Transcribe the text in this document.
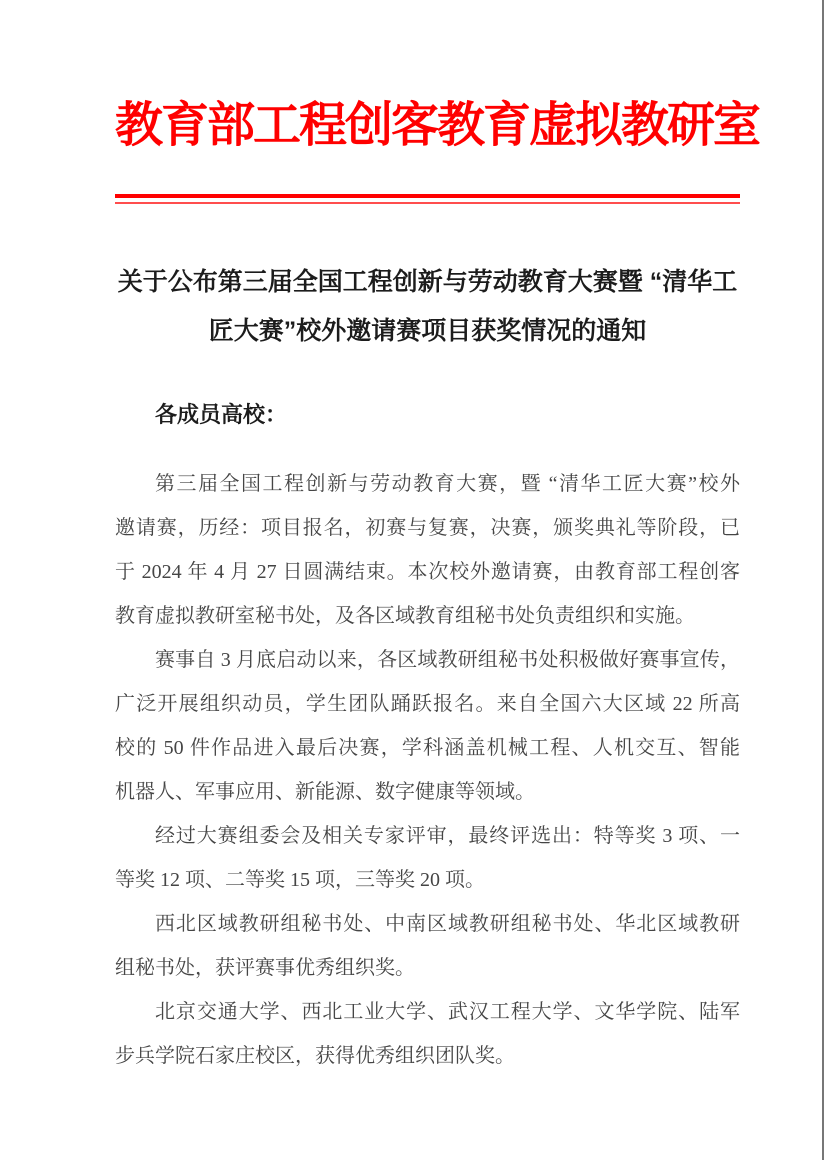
教育部工程创客教育虚拟教研室
关于公布第三届全国工程创新与劳动教育大赛暨 “清华工
匠大赛”校外邀请赛项目获奖情况的通知
各成员高校：
第三届全国工程创新与劳动教育大赛，暨 “清华工匠大赛”校外
邀请赛，历经：项目报名，初赛与复赛，决赛，颁奖典礼等阶段，已
于 2024 年 4 月 27 日圆满结束。本次校外邀请赛，由教育部工程创客
教育虚拟教研室秘书处，及各区域教育组秘书处负责组织和实施。
赛事自 3 月底启动以来，各区域教研组秘书处积极做好赛事宣传，
广泛开展组织动员，学生团队踊跃报名。来自全国六大区域 22 所高
校的 50 件作品进入最后决赛，学科涵盖机械工程、人机交互、智能
机器人、军事应用、新能源、数字健康等领域。
经过大赛组委会及相关专家评审，最终评选出：特等奖 3 项、一
等奖 12 项、二等奖 15 项，三等奖 20 项。
西北区域教研组秘书处、中南区域教研组秘书处、华北区域教研
组秘书处，获评赛事优秀组织奖。
北京交通大学、西北工业大学、武汉工程大学、文华学院、陆军
步兵学院石家庄校区，获得优秀组织团队奖。
